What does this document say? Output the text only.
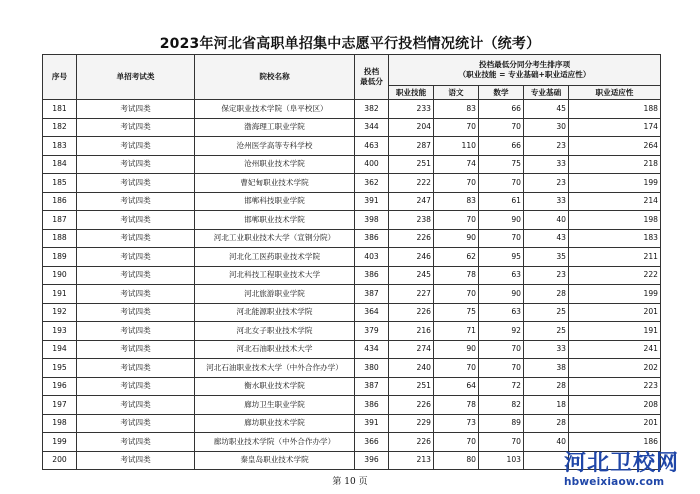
2023年河北省高职单招集中志愿平行投档情况统计（统考）
序号	单招考试类	院校名称	投档
最低分	投档最低分同分考生排序项
（职业技能 = 专业基础+职业适应性）				

				职业技能	语文	数学	专业基础	职业适应性
181	考试四类	保定职业技术学院（阜平校区）	382	233	83	66	45	188
182	考试四类	渤海理工职业学院	344	204	70	70	30	174
183	考试四类	沧州医学高等专科学校	463	287	110	66	23	264
184	考试四类	沧州职业技术学院	400	251	74	75	33	218
185	考试四类	曹妃甸职业技术学院	362	222	70	70	23	199
186	考试四类	邯郸科技职业学院	391	247	83	61	33	214
187	考试四类	邯郸职业技术学院	398	238	70	90	40	198
188	考试四类	河北工业职业技术大学（宣钢分院）	386	226	90	70	43	183
189	考试四类	河北化工医药职业技术学院	403	246	62	95	35	211
190	考试四类	河北科技工程职业技术大学	386	245	78	63	23	222
191	考试四类	河北旅游职业学院	387	227	70	90	28	199
192	考试四类	河北能源职业技术学院	364	226	75	63	25	201
193	考试四类	河北女子职业技术学院	379	216	71	92	25	191
194	考试四类	河北石油职业技术大学	434	274	90	70	33	241
195	考试四类	河北石油职业技术大学（中外合作办学）	380	240	70	70	38	202
196	考试四类	衡水职业技术学院	387	251	64	72	28	223
197	考试四类	廊坊卫生职业学院	386	226	78	82	18	208
198	考试四类	廊坊职业技术学院	391	229	73	89	28	201
199	考试四类	廊坊职业技术学院（中外合作办学）	366	226	70	70	40	186
200	考试四类	秦皇岛职业技术学院	396	213	80	103		
第 10 页
河北卫校网
hbweixiaow.com
